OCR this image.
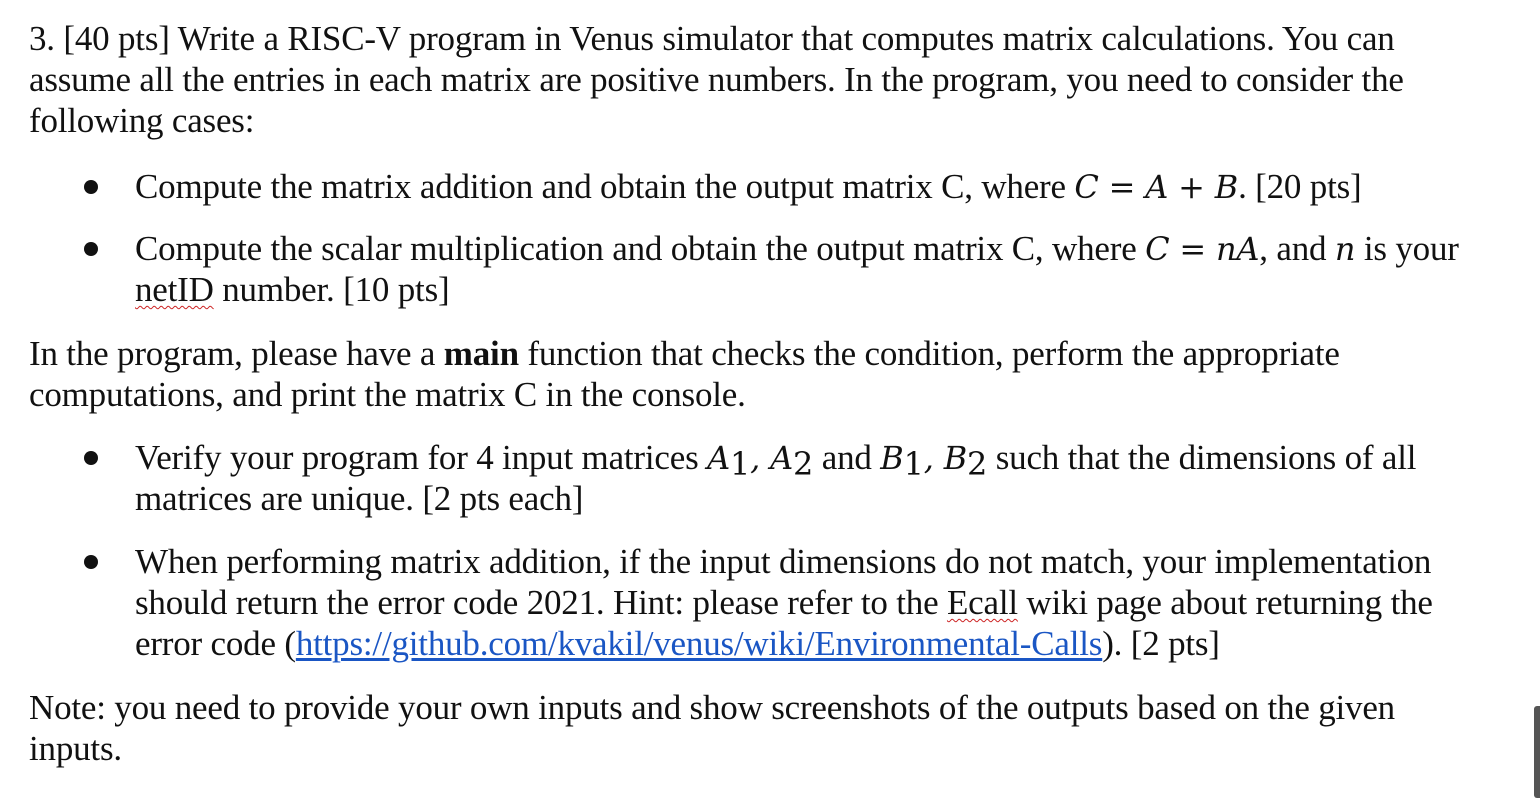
3. [40 pts] Write a RISC-V program in Venus simulator that computes matrix calculations. You can
assume all the entries in each matrix are positive numbers. In the program, you need to consider the
following cases:
Compute the matrix addition and obtain the output matrix C, where C = A + B. [20 pts]
Compute the scalar multiplication and obtain the output matrix C, where C = nA, and n is your
netID number. [10 pts]
In the program, please have a main function that checks the condition, perform the appropriate
computations, and print the matrix C in the console.
Verify your program for 4 input matrices $A_1$, $A_2$ and $B_1$, $B_2$ such that the dimensions of all
matrices are unique. [2 pts each]
When performing matrix addition, if the input dimensions do not match, your implementation
should return the error code 2021. Hint: please refer to the Ecall wiki page about returning the
error code (https://github.com/kvakil/venus/wiki/Environmental-Calls). [2 pts]
Note: you need to provide your own inputs and show screenshots of the outputs based on the given
inputs.
